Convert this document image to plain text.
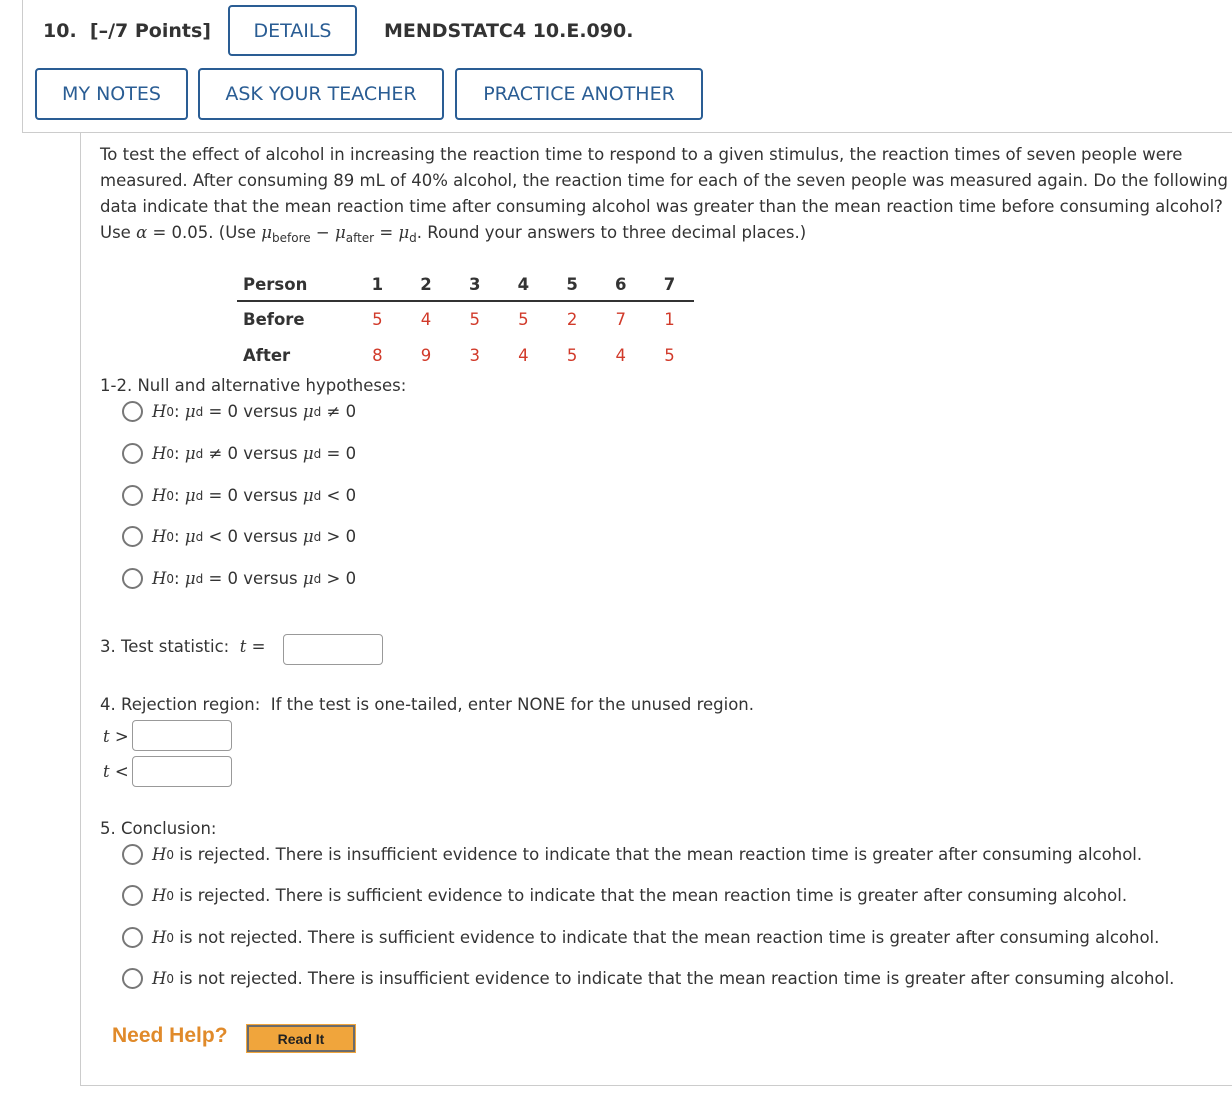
10. [–/7 Points]	MENDSTATC4 10.E.090.
DETAILS
MY NOTES	ASK YOUR TEACHER	PRACTICE ANOTHER
To test the effect of alcohol in increasing the reaction time to respond to a given stimulus, the reaction times of seven people were measured. After consuming 89 mL of 40% alcohol, the reaction time for each of the seven people was measured again. Do the following data indicate that the mean reaction time after consuming alcohol was greater than the mean reaction time before consuming alcohol? Use α = 0.05. (Use $\mu_{before} - \mu_{after} = \mu_d$. Round your answers to three decimal places.)
Person	1	2	3	4	5	6	7
Before	5	4	5	5	2	7	1
After	8	9	3	4	5	4	5
1-2. Null and alternative hypotheses:
H 0 :
μ d
=
0 versus μ d
≠
0
H 0 :
μ d
≠
0 versus μ d
=
0
H 0 :
μ d
=
0 versus μ d
<
0
H 0 :
μ d
<
0 versus μ d
>
0
H 0 :
μ d
=
0 versus μ d
>
0
3. Test statistic: t =
4. Rejection region: If the test is one-tailed, enter NONE for the unused region.
t >
t <
5. Conclusion:
H 0 is rejected. There is insufficient evidence to indicate that the mean reaction time is greater after consuming alcohol.
H 0 is rejected. There is sufficient evidence to indicate that the mean reaction time is greater after consuming alcohol.
H 0 is not rejected. There is sufficient evidence to indicate that the mean reaction time is greater after consuming alcohol.
H 0 is not rejected. There is insufficient evidence to indicate that the mean reaction time is greater after consuming alcohol.
Need Help?	Read It
